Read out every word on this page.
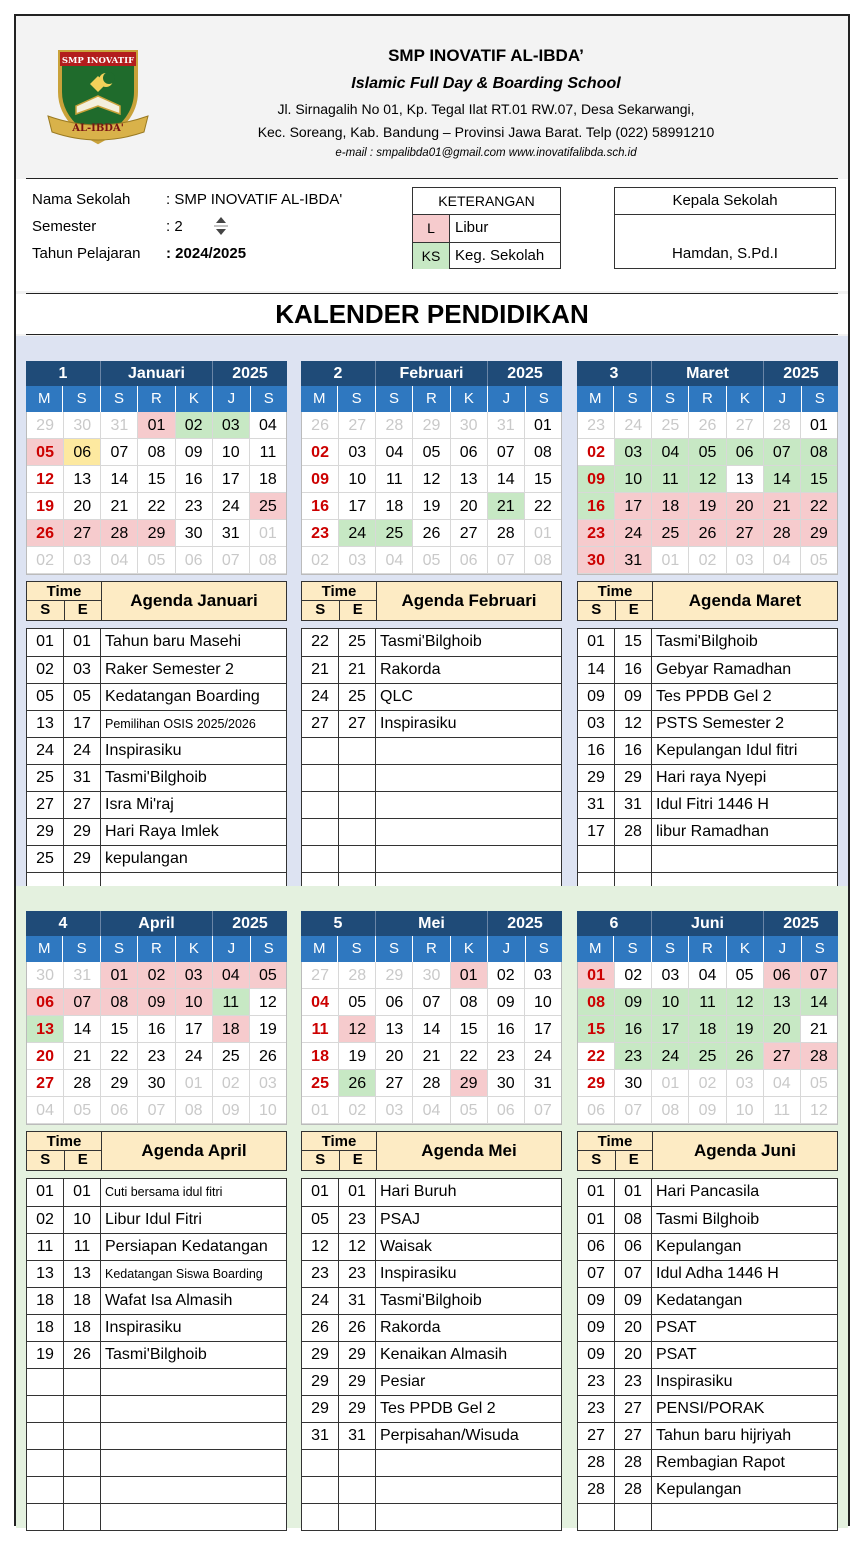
SMP INOVATIF
AL-IBDA'
SMP INOVATIF AL-IBDA’
Islamic Full Day & Boarding School
Jl. Sirnagalih No 01, Kp. Tegal Ilat RT.01 RW.07, Desa Sekarwangi,
Kec. Soreang, Kab. Bandung – Provinsi Jawa Barat. Telp (022) 58991210
e-mail : smpalibda01@gmail.com www.inovatifalibda.sch.id
Nama Sekolah : SMP INOVATIF AL-IBDA'
Semester	: 2
Tahun Pelajaran : 2024/2025
KETERANGAN
L	Libur
KS Keg. Sekolah
Kepala Sekolah
Hamdan, S.Pd.I
KALENDER PENDIDIKAN
1	Januari	2025
M	S	S	R	K	J	S
29	30	31	01	02	03	04
05	06	07	08	09	10	11
12	13	14	15	16	17	18
19	20	21	22	23	24	25
26	27	28	29	30	31	01
02	03	04	05	06	07	08
Time
S	E	Agenda Januari
01	01 Tahun baru Masehi
02	03 Raker Semester 2
05	05 Kedatangan Boarding
13	17	Pemilihan OSIS 2025/2026
24	24 Inspirasiku
25	31 Tasmi'Bilghoib
27	27 Isra Mi'raj
29	29 Hari Raya Imlek
25	29 kepulangan
2	Februari	2025
M	S	S	R	K	J	S
26	27	28	29	30	31	01
02	03	04	05	06	07	08
09	10	11	12	13	14	15
16	17	18	19	20	21	22
23	24	25	26	27	28	01
02	03	04	05	06	07	08
Time
S	E	Agenda Februari
22	25 Tasmi'Bilghoib
21	21 Rakorda
24	25 QLC
27	27 Inspirasiku
3	Maret	2025
M	S	S	R	K	J	S
23	24	25	26	27	28	01
02	03	04	05	06	07	08
09	10	11	12	13	14	15
16	17	18	19	20	21	22
23	24	25	26	27	28	29
30	31	01	02	03	04	05
Time
S	E	Agenda Maret
01	15 Tasmi'Bilghoib
14	16 Gebyar Ramadhan
09	09 Tes PPDB Gel 2
03	12 PSTS Semester 2
16	16 Kepulangan Idul fitri
29	29 Hari raya Nyepi
31	31 Idul Fitri 1446 H
17	28 libur Ramadhan
4	April	2025
M	S	S	R	K	J	S
30	31	01	02	03	04	05
06	07	08	09	10	11	12
13	14	15	16	17	18	19
20	21	22	23	24	25	26
27	28	29	30	01	02	03
04	05	06	07	08	09	10
Time
S	E	Agenda April
01	01	Cuti bersama idul fitri
02	10 Libur Idul Fitri
11	11 Persiapan Kedatangan
13	13	Kedatangan Siswa Boarding
18	18 Wafat Isa Almasih
18	18 Inspirasiku
19	26 Tasmi'Bilghoib
5	Mei	2025
M	S	S	R	K	J	S
27	28	29	30	01	02	03
04	05	06	07	08	09	10
11	12	13	14	15	16	17
18	19	20	21	22	23	24
25	26	27	28	29	30	31
01	02	03	04	05	06	07
Time
S	E	Agenda Mei
01	01 Hari Buruh
05	23 PSAJ
12	12 Waisak
23	23 Inspirasiku
24	31 Tasmi'Bilghoib
26	26 Rakorda
29	29 Kenaikan Almasih
29	29 Pesiar
29	29 Tes PPDB Gel 2
31	31 Perpisahan/Wisuda
6	Juni	2025
M	S	S	R	K	J	S
01	02	03	04	05	06	07
08	09	10	11	12	13	14
15	16	17	18	19	20	21
22	23	24	25	26	27	28
29	30	01	02	03	04	05
06	07	08	09	10	11	12
Time
S	E	Agenda Juni
01	01 Hari Pancasila
01	08 Tasmi Bilghoib
06	06 Kepulangan
07	07 Idul Adha 1446 H
09	09 Kedatangan
09	20 PSAT
09	20 PSAT
23	23 Inspirasiku
23	27 PENSI/PORAK
27	27 Tahun baru hijriyah
28	28 Rembagian Rapot
28	28 Kepulangan
